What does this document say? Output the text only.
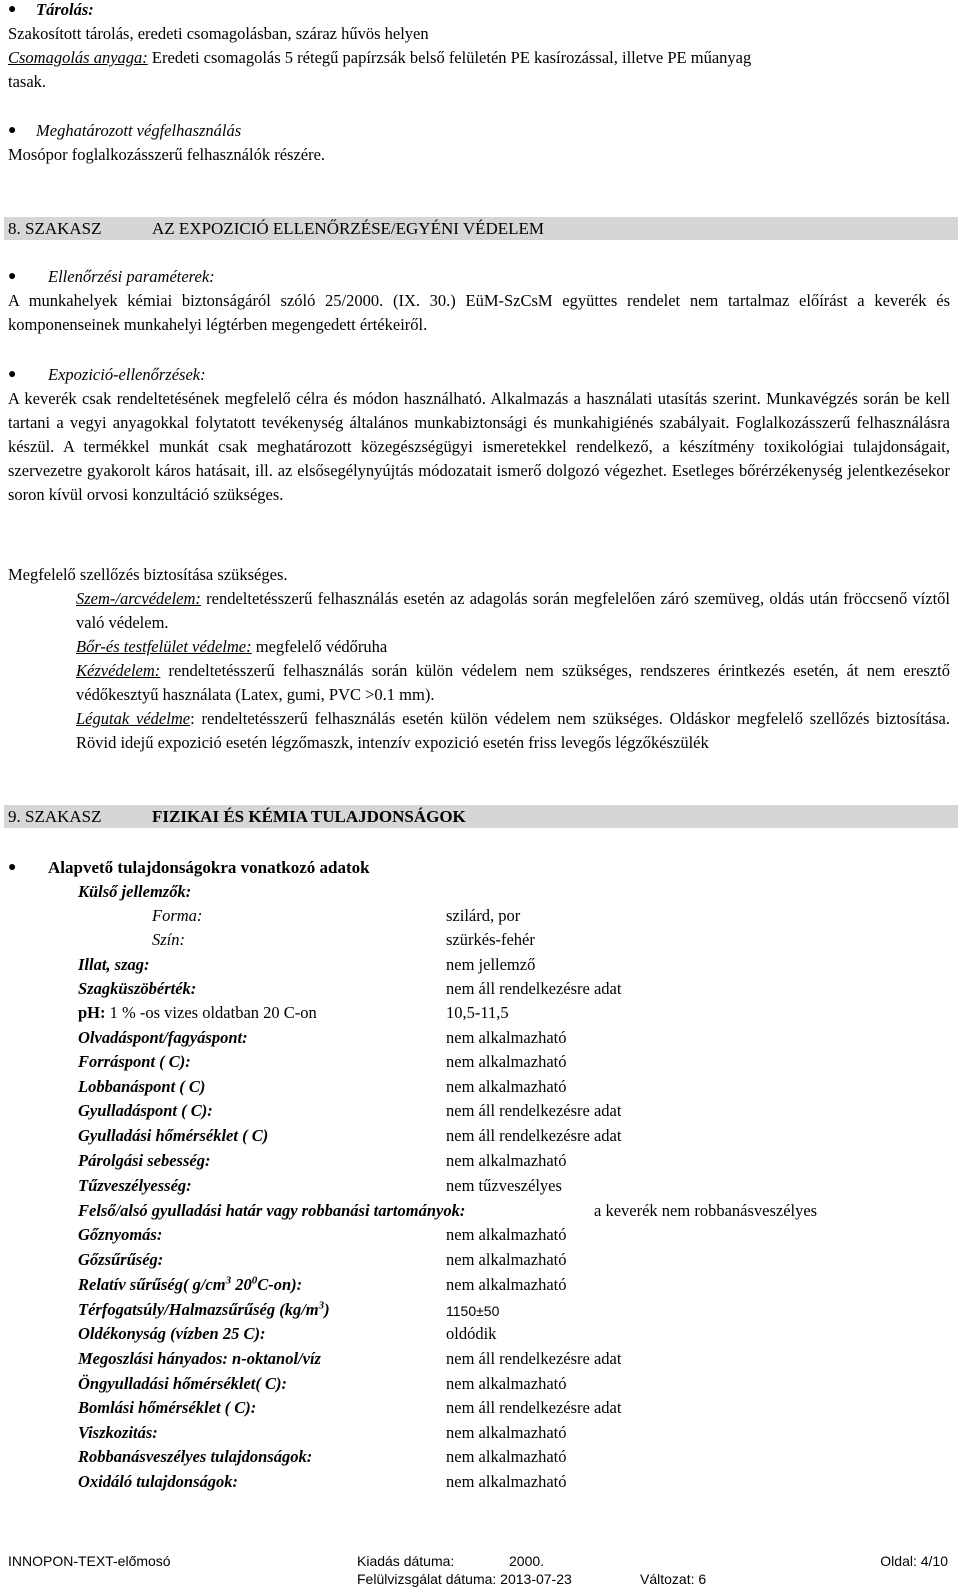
● Tárolás:
Szakosított tárolás, eredeti csomagolásban, száraz hűvös helyen
Csomagolás anyaga: Eredeti csomagolás 5 rétegű papírzsák belső felületén PE kasírozással, illetve PE műanyag
tasak.
● Meghatározott végfelhasználás
Mosópor foglalkozásszerű felhasználók részére.
8. SZAKASZ	AZ EXPOZICIÓ ELLENŐRZÉSE/EGYÉNI VÉDELEM
● Ellenőrzési paraméterek:
A munkahelyek kémiai biztonságáról szóló 25/2000. (IX. 30.) EüM-SzCsM együttes rendelet nem tartalmaz előírást a keverék és komponenseinek munkahelyi légtérben megengedett értékeiről.
● Expozició-ellenőrzések:
A keverék csak rendeltetésének megfelelő célra és módon használható. Alkalmazás a használati utasítás szerint. Munkavégzés során be kell tartani a vegyi anyagokkal folytatott tevékenység általános munkabiztonsági és munkahigiénés szabályait. Foglalkozásszerű felhasználásra készül. A termékkel munkát csak meghatározott közegészségügyi ismeretekkel rendelkező, a készítmény toxikológiai tulajdonságait, szervezetre gyakorolt káros hatásait, ill. az elsősegélynyújtás módozatait ismerő dolgozó végezhet. Esetleges bőrérzékenység jelentkezésekor soron kívül orvosi konzultáció szükséges.
Megfelelő szellőzés biztosítása szükséges.
Szem-/arcvédelem: rendeltetésszerű felhasználás esetén az adagolás során megfelelően záró szemüveg, oldás után fröccsenő víztől való védelem.
Bőr-és testfelület védelme: megfelelő védőruha
Kézvédelem: rendeltetésszerű felhasználás során külön védelem nem szükséges, rendszeres érintkezés esetén, át nem eresztő védőkesztyű használata (Latex, gumi, PVC >0.1 mm).
Légutak védelme: rendeltetésszerű felhasználás esetén külön védelem nem szükséges. Oldáskor megfelelő szellőzés biztosítása. Rövid idejű expozició esetén légzőmaszk, intenzív expozició esetén friss levegős légzőkészülék
9. SZAKASZ	FIZIKAI ÉS KÉMIA TULAJDONSÁGOK
● Alapvető tulajdonságokra vonatkozó adatok
Külső jellemzők:
Forma:	szilárd, por
Szín:	szürkés-fehér
Illat, szag:	nem jellemző
Szagküszöbérték:	nem áll rendelkezésre adat
pH: 1 % -os vizes oldatban 20 C-on	10,5-11,5
Olvadáspont/fagyáspont:	nem alkalmazható
Forráspont ( C):	nem alkalmazható
Lobbanáspont ( C)	nem alkalmazható
Gyulladáspont ( C):	nem áll rendelkezésre adat
Gyulladási hőmérséklet ( C)	nem áll rendelkezésre adat
Párolgási sebesség:	nem alkalmazható
Tűzveszélyesség:	nem tűzveszélyes
Felső/alsó gyulladási határ vagy robbanási tartományok:	a keverék nem robbanásveszélyes
Gőznyomás:	nem alkalmazható
Gőzsűrűség:	nem alkalmazható
Relatív sűrűség( $g/cm^3$ $20^0C-on$):	nem alkalmazható
Térfogatsúly/Halmazsűrűség $(kg/m^3)$	1150±50
Oldékonyság (vízben 25 C):	oldódik
Megoszlási hányados: n-oktanol/víz	nem áll rendelkezésre adat
Öngyulladási hőmérséklet( C):	nem alkalmazható
Bomlási hőmérséklet ( C):	nem áll rendelkezésre adat
Viszkozitás:	nem alkalmazható
Robbanásveszélyes tulajdonságok:	nem alkalmazható
Oxidáló tulajdonságok:	nem alkalmazható
INNOPON-TEXT-előmosó	Kiadás dátuma:	2000.	Oldal: 4/10
Felülvizsgálat dátuma: 2013-07-23	Változat: 6
